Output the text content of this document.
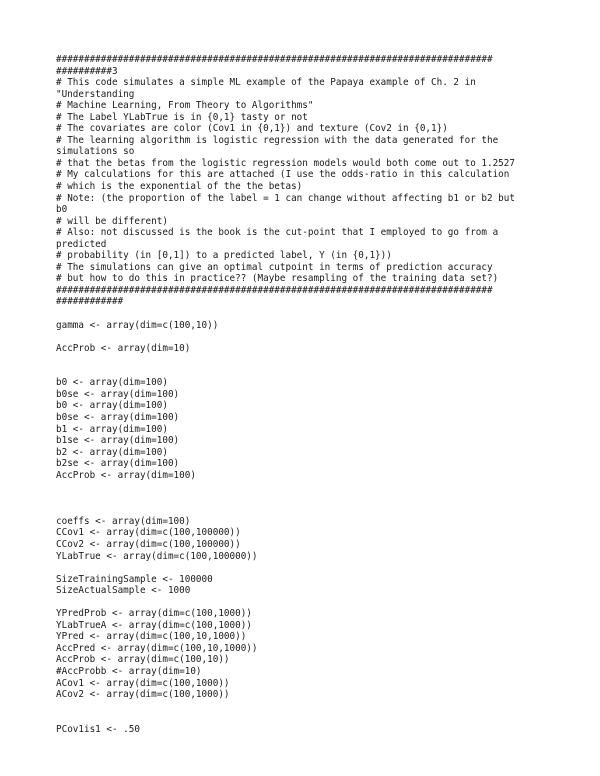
##############################################################################
##########3
# This code simulates a simple ML example of the Papaya example of Ch. 2 in
"Understanding
# Machine Learning, From Theory to Algorithms"
# The Label YLabTrue is in {0,1} tasty or not
# The covariates are color (Cov1 in {0,1}) and texture (Cov2 in {0,1})
# The learning algorithm is logistic regression with the data generated for the
simulations so
# that the betas from the logistic regression models would both come out to 1.2527
# My calculations for this are attached (I use the odds-ratio in this calculation
# which is the exponential of the the betas)
# Note: (the proportion of the label = 1 can change without affecting b1 or b2 but
b0
# will be different)
# Also: not discussed is the book is the cut-point that I employed to go from a
predicted
# probability (in [0,1]) to a predicted label, Y (in {0,1}))
# The simulations can give an optimal cutpoint in terms of prediction accuracy
# but how to do this in practice?? (Maybe resampling of the training data set?)
##############################################################################
############
gamma <- array(dim=c(100,10))
AccProb <- array(dim=10)
b0 <- array(dim=100)
b0se <- array(dim=100)
b0 <- array(dim=100)
b0se <- array(dim=100)
b1 <- array(dim=100)
b1se <- array(dim=100)
b2 <- array(dim=100)
b2se <- array(dim=100)
AccProb <- array(dim=100)
coeffs <- array(dim=100)
CCov1 <- array(dim=c(100,100000))
CCov2 <- array(dim=c(100,100000))
YLabTrue <- array(dim=c(100,100000))
SizeTrainingSample <- 100000
SizeActualSample <- 1000
YPredProb <- array(dim=c(100,1000))
YLabTrueA <- array(dim=c(100,1000))
YPred <- array(dim=c(100,10,1000))
AccPred <- array(dim=c(100,10,1000))
AccProb <- array(dim=c(100,10))
#AccProbb <- array(dim=10)
ACov1 <- array(dim=c(100,1000))
ACov2 <- array(dim=c(100,1000))
PCov1is1 <- .50
